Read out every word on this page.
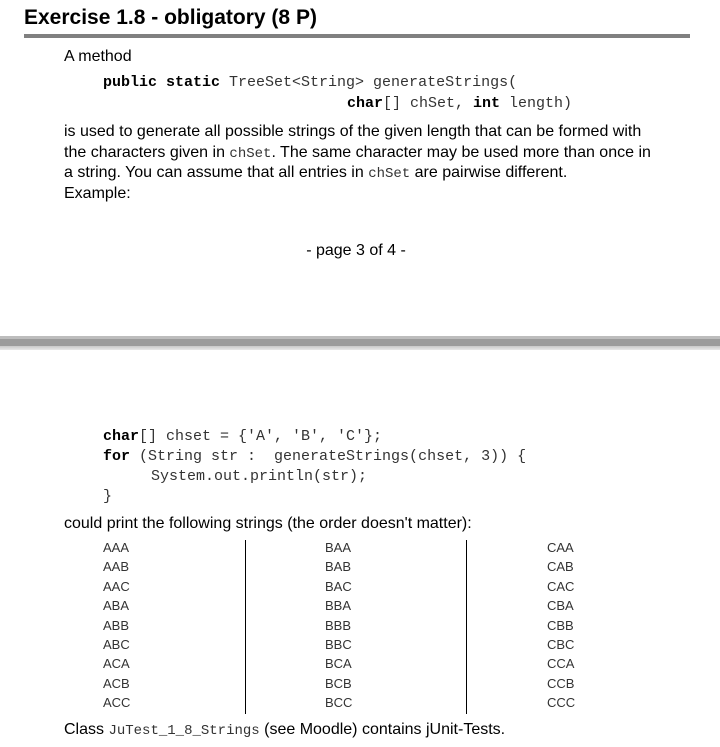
Exercise 1.8 - obligatory (8 P)
A method
public static TreeSet<String> generateStrings(
char[] chSet, int length)
is used to generate all possible strings of the given length that can be formed with
the characters given in chSet. The same character may be used more than once in
a string. You can assume that all entries in chSet are pairwise different.
Example:
- page 3 of 4 -
char[] chset = {'A', 'B', 'C'};
for (String str :  generateStrings(chset, 3)) {
System.out.println(str);
}
could print the following strings (the order doesn't matter):
AAA
AAB
AAC
ABA
ABB
ABC
ACA
ACB
ACC
BAA
BAB
BAC
BBA
BBB
BBC
BCA
BCB
BCC
CAA
CAB
CAC
CBA
CBB
CBC
CCA
CCB
CCC
Class JuTest_1_8_Strings (see Moodle) contains jUnit-Tests.
